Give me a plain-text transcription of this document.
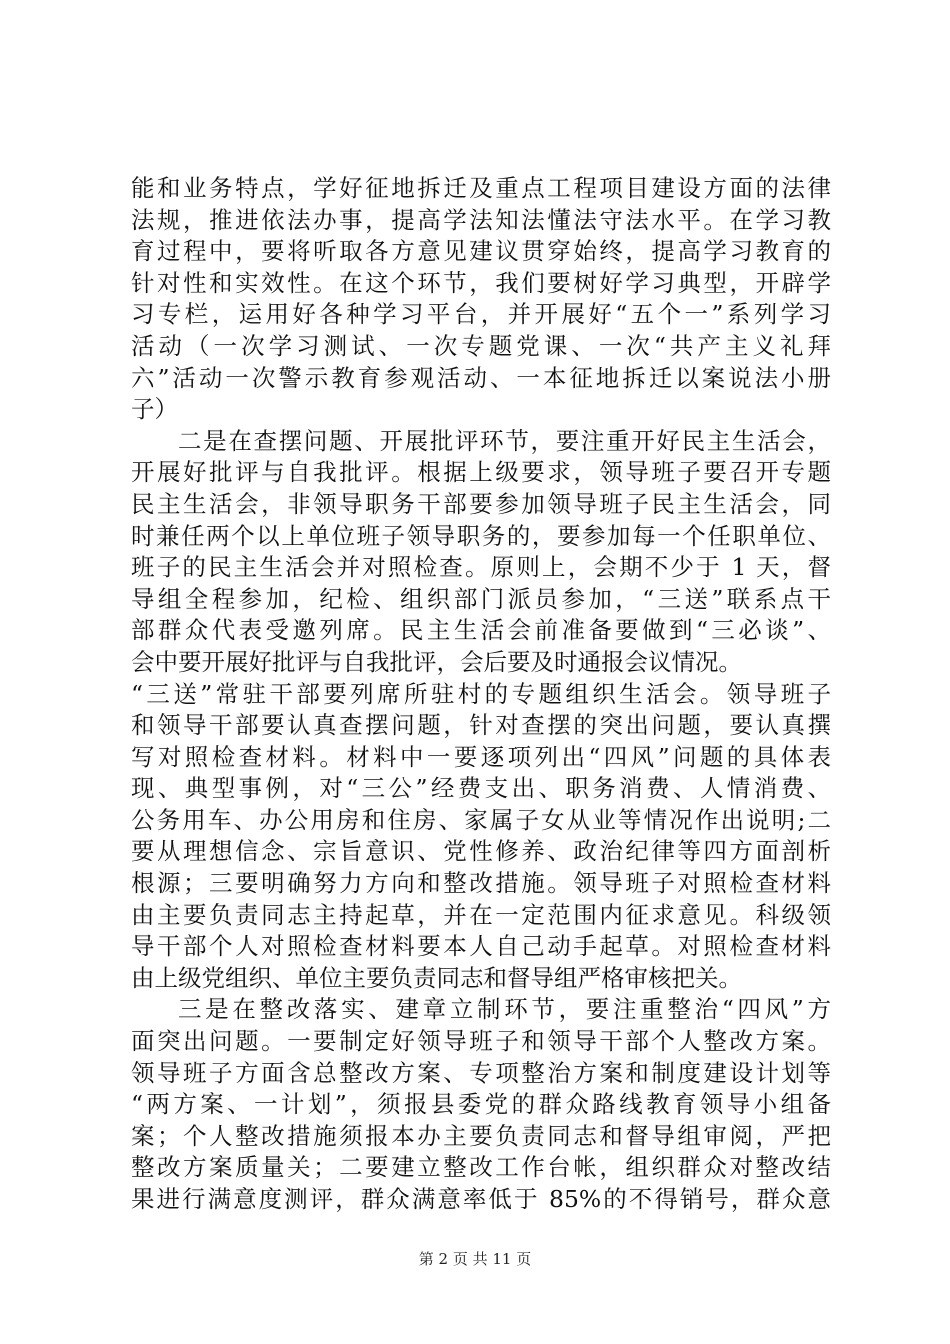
能和业务特点，学好征地拆迁及重点工程项目建设方面的法律
法规，推进依法办事，提高学法知法懂法守法水平。在学习教
育过程中，要将听取各方意见建议贯穿始终，提高学习教育的
针对性和实效性。在这个环节，我们要树好学习典型，开辟学
习专栏，运用好各种学习平台，并开展好“五个一”系列学习
活动（一次学习测试、一次专题党课、一次“共产主义礼拜
六”活动一次警示教育参观活动、一本征地拆迁以案说法小册
子）
二是在查摆问题、开展批评环节，要注重开好民主生活会，
开展好批评与自我批评。根据上级要求，领导班子要召开专题
民主生活会，非领导职务干部要参加领导班子民主生活会，同
时兼任两个以上单位班子领导职务的，要参加每一个任职单位、
班子的民主生活会并对照检查。原则上，会期不少于 1 天，督
导组全程参加，纪检、组织部门派员参加，“三送”联系点干
部群众代表受邀列席。民主生活会前准备要做到“三必谈”、
会中要开展好批评与自我批评，会后要及时通报会议情况。
“三送”常驻干部要列席所驻村的专题组织生活会。领导班子
和领导干部要认真查摆问题，针对查摆的突出问题，要认真撰
写对照检查材料。材料中一要逐项列出“四风”问题的具体表
现、典型事例，对“三公”经费支出、职务消费、人情消费、
公务用车、办公用房和住房、家属子女从业等情况作出说明;二
要从理想信念、宗旨意识、党性修养、政治纪律等四方面剖析
根源；三要明确努力方向和整改措施。领导班子对照检查材料
由主要负责同志主持起草，并在一定范围内征求意见。科级领
导干部个人对照检查材料要本人自己动手起草。对照检查材料
由上级党组织、单位主要负责同志和督导组严格审核把关。
三是在整改落实、建章立制环节，要注重整治“四风”方
面突出问题。一要制定好领导班子和领导干部个人整改方案。
领导班子方面含总整改方案、专项整治方案和制度建设计划等
“两方案、一计划”，须报县委党的群众路线教育领导小组备
案；个人整改措施须报本办主要负责同志和督导组审阅，严把
整改方案质量关；二要建立整改工作台帐，组织群众对整改结
果进行满意度测评，群众满意率低于 85%的不得销号，群众意
第 2 页 共 11 页
